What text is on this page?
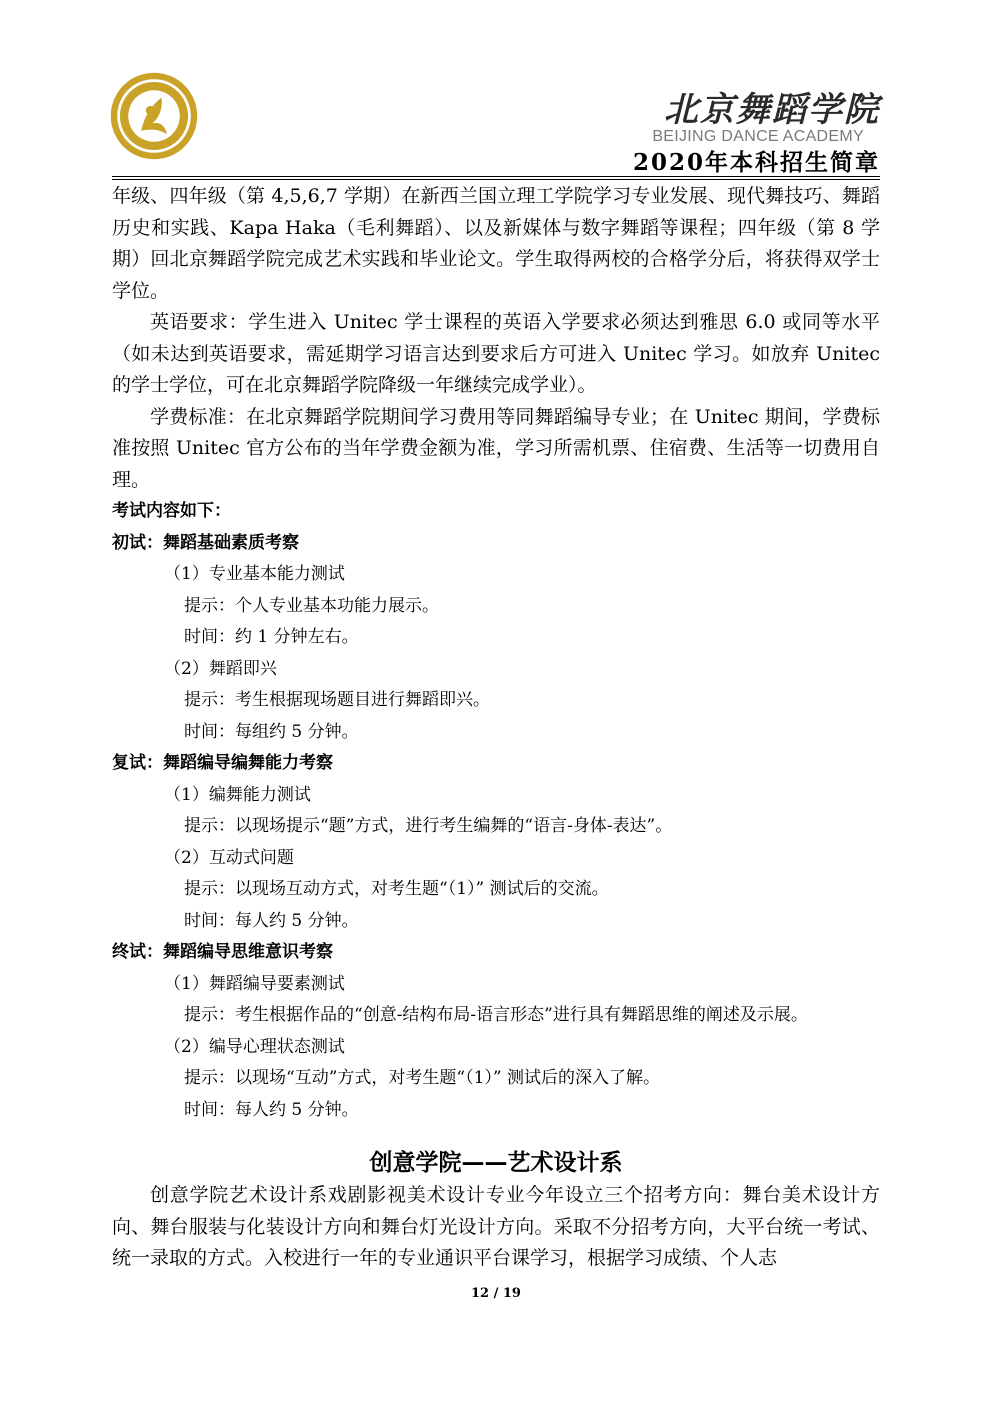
北京舞蹈学院
BEIJING DANCE ACADEMY
2020年本科招生简章

年级、四年级（第 4,5,6,7 学期）在新西兰国立理工学院学习专业发展、现代舞技巧、舞蹈历史和实践、Kapa Haka（毛利舞蹈）、以及新媒体与数字舞蹈等课程；四年级（第 8 学期）回北京舞蹈学院完成艺术实践和毕业论文。学生取得两校的合格学分后，将获得双学士学位。

英语要求：学生进入 Unitec 学士课程的英语入学要求必须达到雅思 6.0 或同等水平（如未达到英语要求，需延期学习语言达到要求后方可进入 Unitec 学习。如放弃 Unitec 的学士学位，可在北京舞蹈学院降级一年继续完成学业）。

学费标准：在北京舞蹈学院期间学习费用等同舞蹈编导专业；在 Unitec 期间，学费标准按照 Unitec 官方公布的当年学费金额为准，学习所需机票、住宿费、生活等一切费用自理。

考试内容如下：

初试：舞蹈基础素质考察

（1）专业基本能力测试

提示：个人专业基本功能力展示。

时间：约 1 分钟左右。

（2）舞蹈即兴

提示：考生根据现场题目进行舞蹈即兴。

时间：每组约 5 分钟。

复试：舞蹈编导编舞能力考察

（1）编舞能力测试

提示：以现场提示“题”方式，进行考生编舞的“语言-身体-表达”。

（2）互动式问题

提示：以现场互动方式，对考生题“（1）” 测试后的交流。

时间：每人约 5 分钟。

终试：舞蹈编导思维意识考察

（1）舞蹈编导要素测试

提示：考生根据作品的“创意-结构布局-语言形态”进行具有舞蹈思维的阐述及示展。

（2）编导心理状态测试

提示：以现场“互动”方式，对考生题“（1）” 测试后的深入了解。

时间：每人约 5 分钟。

创意学院——艺术设计系

创意学院艺术设计系戏剧影视美术设计专业今年设立三个招考方向：舞台美术设计方向、舞台服装与化装设计方向和舞台灯光设计方向。采取不分招考方向，大平台统一考试、统一录取的方式。入校进行一年的专业通识平台课学习，根据学习成绩、个人志

12 / 19
